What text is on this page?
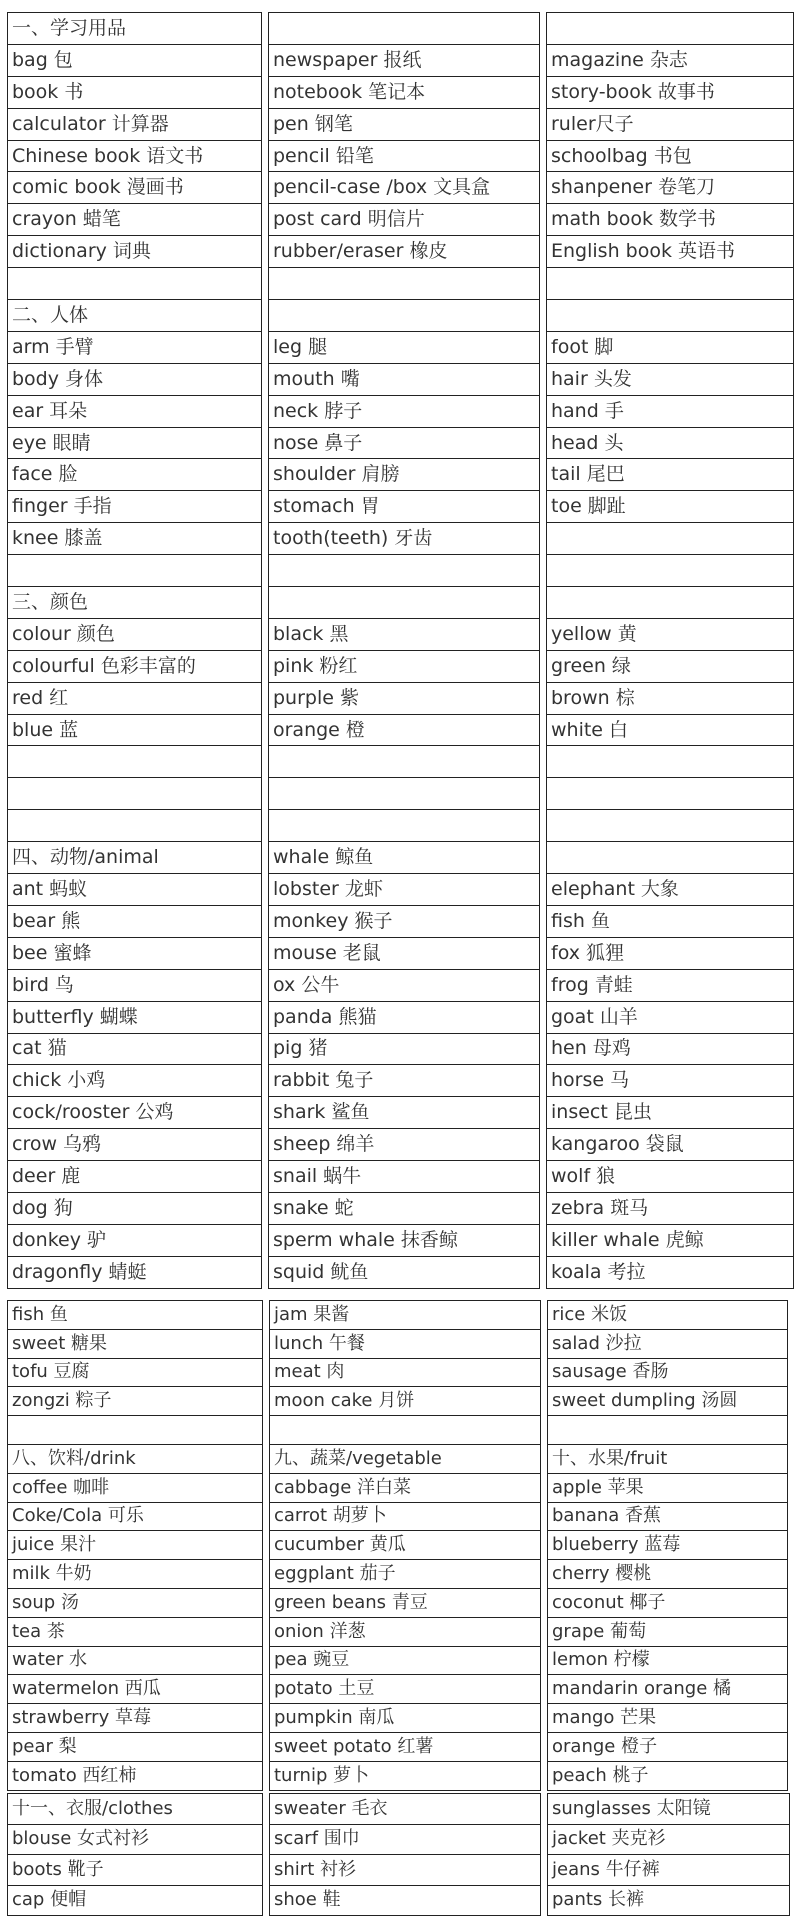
一、学习用品				
bag 包		newspaper 报纸		magazine 杂志
book 书		notebook 笔记本		story-book 故事书
calculator 计算器		pen 钢笔		ruler尺子
Chinese book 语文书		pencil 铅笔		schoolbag 书包
comic book 漫画书		pencil-case /box 文具盒		shanpener 卷笔刀
crayon 蜡笔		post card 明信片		math book 数学书
dictionary 词典		rubber/eraser 橡皮		English book 英语书

二、人体				
arm 手臂		leg 腿		foot 脚
body 身体		mouth 嘴		hair 头发
ear 耳朵		neck 脖子		hand 手
eye 眼睛		nose 鼻子		head 头
face 脸		shoulder 肩膀		tail 尾巴
finger 手指		stomach 胃		toe 脚趾
knee 膝盖		tooth(teeth) 牙齿		

三、颜色				
colour 颜色		black 黑		yellow 黄
colourful 色彩丰富的		pink 粉红		green 绿
red 红		purple 紫		brown 棕
blue 蓝		orange 橙		white 白

四、动物/animal		whale 鲸鱼		
ant 蚂蚁		lobster 龙虾		elephant 大象
bear 熊		monkey 猴子		fish 鱼
bee 蜜蜂		mouse 老鼠		fox 狐狸
bird 鸟		ox 公牛		frog 青蛙
butterfly 蝴蝶		panda 熊猫		goat 山羊
cat 猫		pig 猪		hen 母鸡
chick 小鸡		rabbit 兔子		horse 马
cock/rooster 公鸡		shark 鲨鱼		insect 昆虫
crow 乌鸦		sheep 绵羊		kangaroo 袋鼠
deer 鹿		snail 蜗牛		wolf 狼
dog 狗		snake 蛇		zebra 斑马
donkey 驴		sperm whale 抹香鲸		killer whale 虎鲸
dragonfly 蜻蜓		squid 鱿鱼		koala 考拉
fish 鱼		jam 果酱		rice 米饭
sweet 糖果		lunch 午餐		salad 沙拉
tofu 豆腐		meat 肉		sausage 香肠
zongzi 粽子		moon cake 月饼		sweet dumpling 汤圆

八、饮料/drink		九、蔬菜/vegetable		十、水果/fruit
coffee 咖啡		cabbage 洋白菜		apple 苹果
Coke/Cola 可乐		carrot 胡萝卜		banana 香蕉
juice 果汁		cucumber 黄瓜		blueberry 蓝莓
milk 牛奶		eggplant 茄子		cherry 樱桃
soup 汤		green beans 青豆		coconut 椰子
tea 茶		onion 洋葱		grape 葡萄
water 水		pea 豌豆		lemon 柠檬
watermelon 西瓜		potato 土豆		mandarin orange 橘
strawberry 草莓		pumpkin 南瓜		mango 芒果
pear 梨		sweet potato 红薯		orange 橙子
tomato 西红柿		turnip 萝卜		peach 桃子
十一、衣服/clothes		sweater 毛衣		sunglasses 太阳镜
blouse 女式衬衫		scarf 围巾		jacket 夹克衫
boots 靴子		shirt 衬衫		jeans 牛仔裤
cap 便帽		shoe 鞋		pants 长裤
